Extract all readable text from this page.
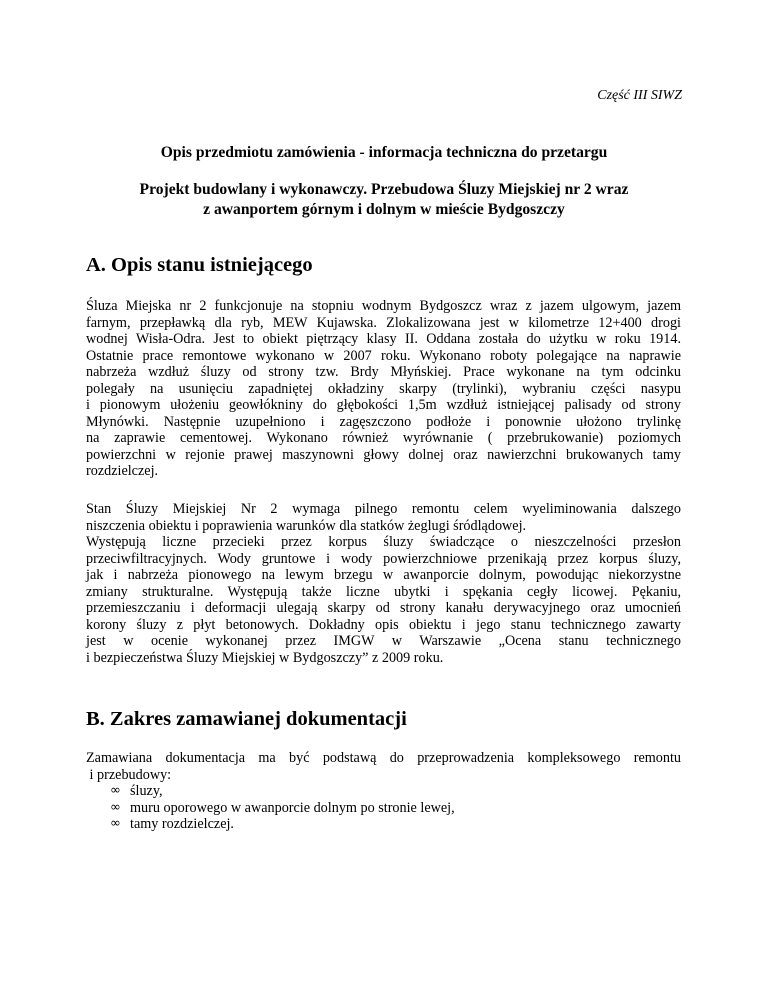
Część III SIWZ
Opis przedmiotu zamówienia - informacja techniczna do przetargu
Projekt budowlany i wykonawczy. Przebudowa Śluzy Miejskiej nr 2 wraz
z awanportem górnym i dolnym w mieście Bydgoszczy
A. Opis stanu istniejącego
Śluza Miejska nr 2 funkcjonuje na stopniu wodnym Bydgoszcz wraz z jazem ulgowym, jazem
farnym, przepławką dla ryb, MEW Kujawska. Zlokalizowana jest w kilometrze 12+400 drogi
wodnej Wisła-Odra. Jest to obiekt piętrzący klasy II. Oddana została do użytku w roku 1914.
Ostatnie prace remontowe wykonano w 2007 roku. Wykonano roboty polegające na naprawie
nabrzeża wzdłuż śluzy od strony tzw. Brdy Młyńskiej. Prace wykonane na tym odcinku
polegały na usunięciu zapadniętej okładziny skarpy (trylinki), wybraniu części nasypu
i pionowym ułożeniu geowłókniny do głębokości 1,5m wzdłuż istniejącej palisady od strony
Młynówki. Następnie uzupełniono i zagęszczono podłoże i ponownie ułożono trylinkę
na zaprawie cementowej. Wykonano również wyrównanie ( przebrukowanie) poziomych
powierzchni w rejonie prawej maszynowni głowy dolnej oraz nawierzchni brukowanych tamy
rozdzielczej.
Stan Śluzy Miejskiej Nr 2 wymaga pilnego remontu celem wyeliminowania dalszego
niszczenia obiektu i poprawienia warunków dla statków żeglugi śródlądowej.
Występują liczne przecieki przez korpus śluzy świadczące o nieszczelności przesłon
przeciwfiltracyjnych. Wody gruntowe i wody powierzchniowe przenikają przez korpus śluzy,
jak i nabrzeża pionowego na lewym brzegu w awanporcie dolnym, powodując niekorzystne
zmiany strukturalne. Występują także liczne ubytki i spękania cegły licowej. Pękaniu,
przemieszczaniu i deformacji ulegają skarpy od strony kanału derywacyjnego oraz umocnień
korony śluzy z płyt betonowych. Dokładny opis obiektu i jego stanu technicznego zawarty
jest w ocenie wykonanej przez IMGW w Warszawie „Ocena stanu technicznego
i bezpieczeństwa Śluzy Miejskiej w Bydgoszczy” z 2009 roku.
B. Zakres zamawianej dokumentacji
Zamawiana dokumentacja ma być podstawą do przeprowadzenia kompleksowego remontu
i przebudowy:
∞ śluzy,
∞ muru oporowego w awanporcie dolnym po stronie lewej,
∞ tamy rozdzielczej.
